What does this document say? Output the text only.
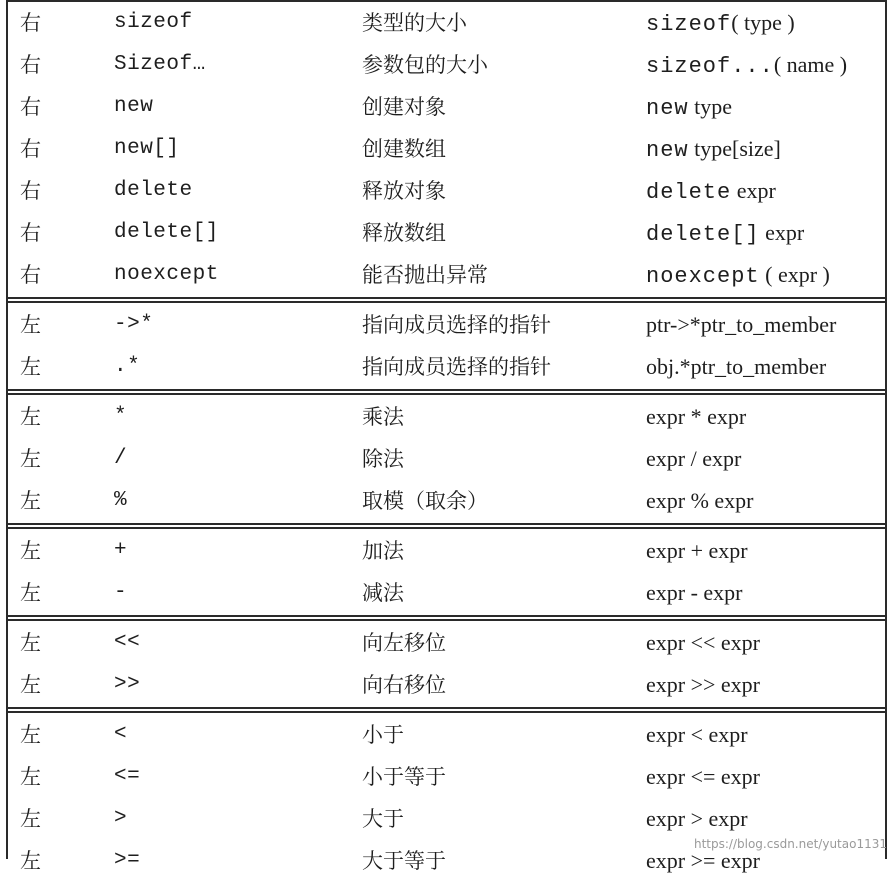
右	sizeof	类型的大小	sizeof( type )
右	Sizeof…	参数包的大小	sizeof...( name )
右	new	创建对象	new type
右	new[]	创建数组	new type[size]
右	delete	释放对象	delete expr
右	delete[]	释放数组	delete[] expr
右	noexcept	能否抛出异常	noexcept ( expr )
左	->*	指向成员选择的指针	ptr->*ptr_to_member
左	.*	指向成员选择的指针	obj.*ptr_to_member
左	*	乘法	expr * expr
左	/	除法	expr / expr
左	%	取模（取余）	expr % expr
左	+	加法	expr + expr
左	-	减法	expr - expr
左	<<	向左移位	expr << expr
左	>>	向右移位	expr >> expr
左	<	小于	expr < expr
左	<=	小于等于	expr <= expr
左	>	大于	expr > expr
左	>=	大于等于	expr >= expr
https://blog.csdn.net/yutao1131
